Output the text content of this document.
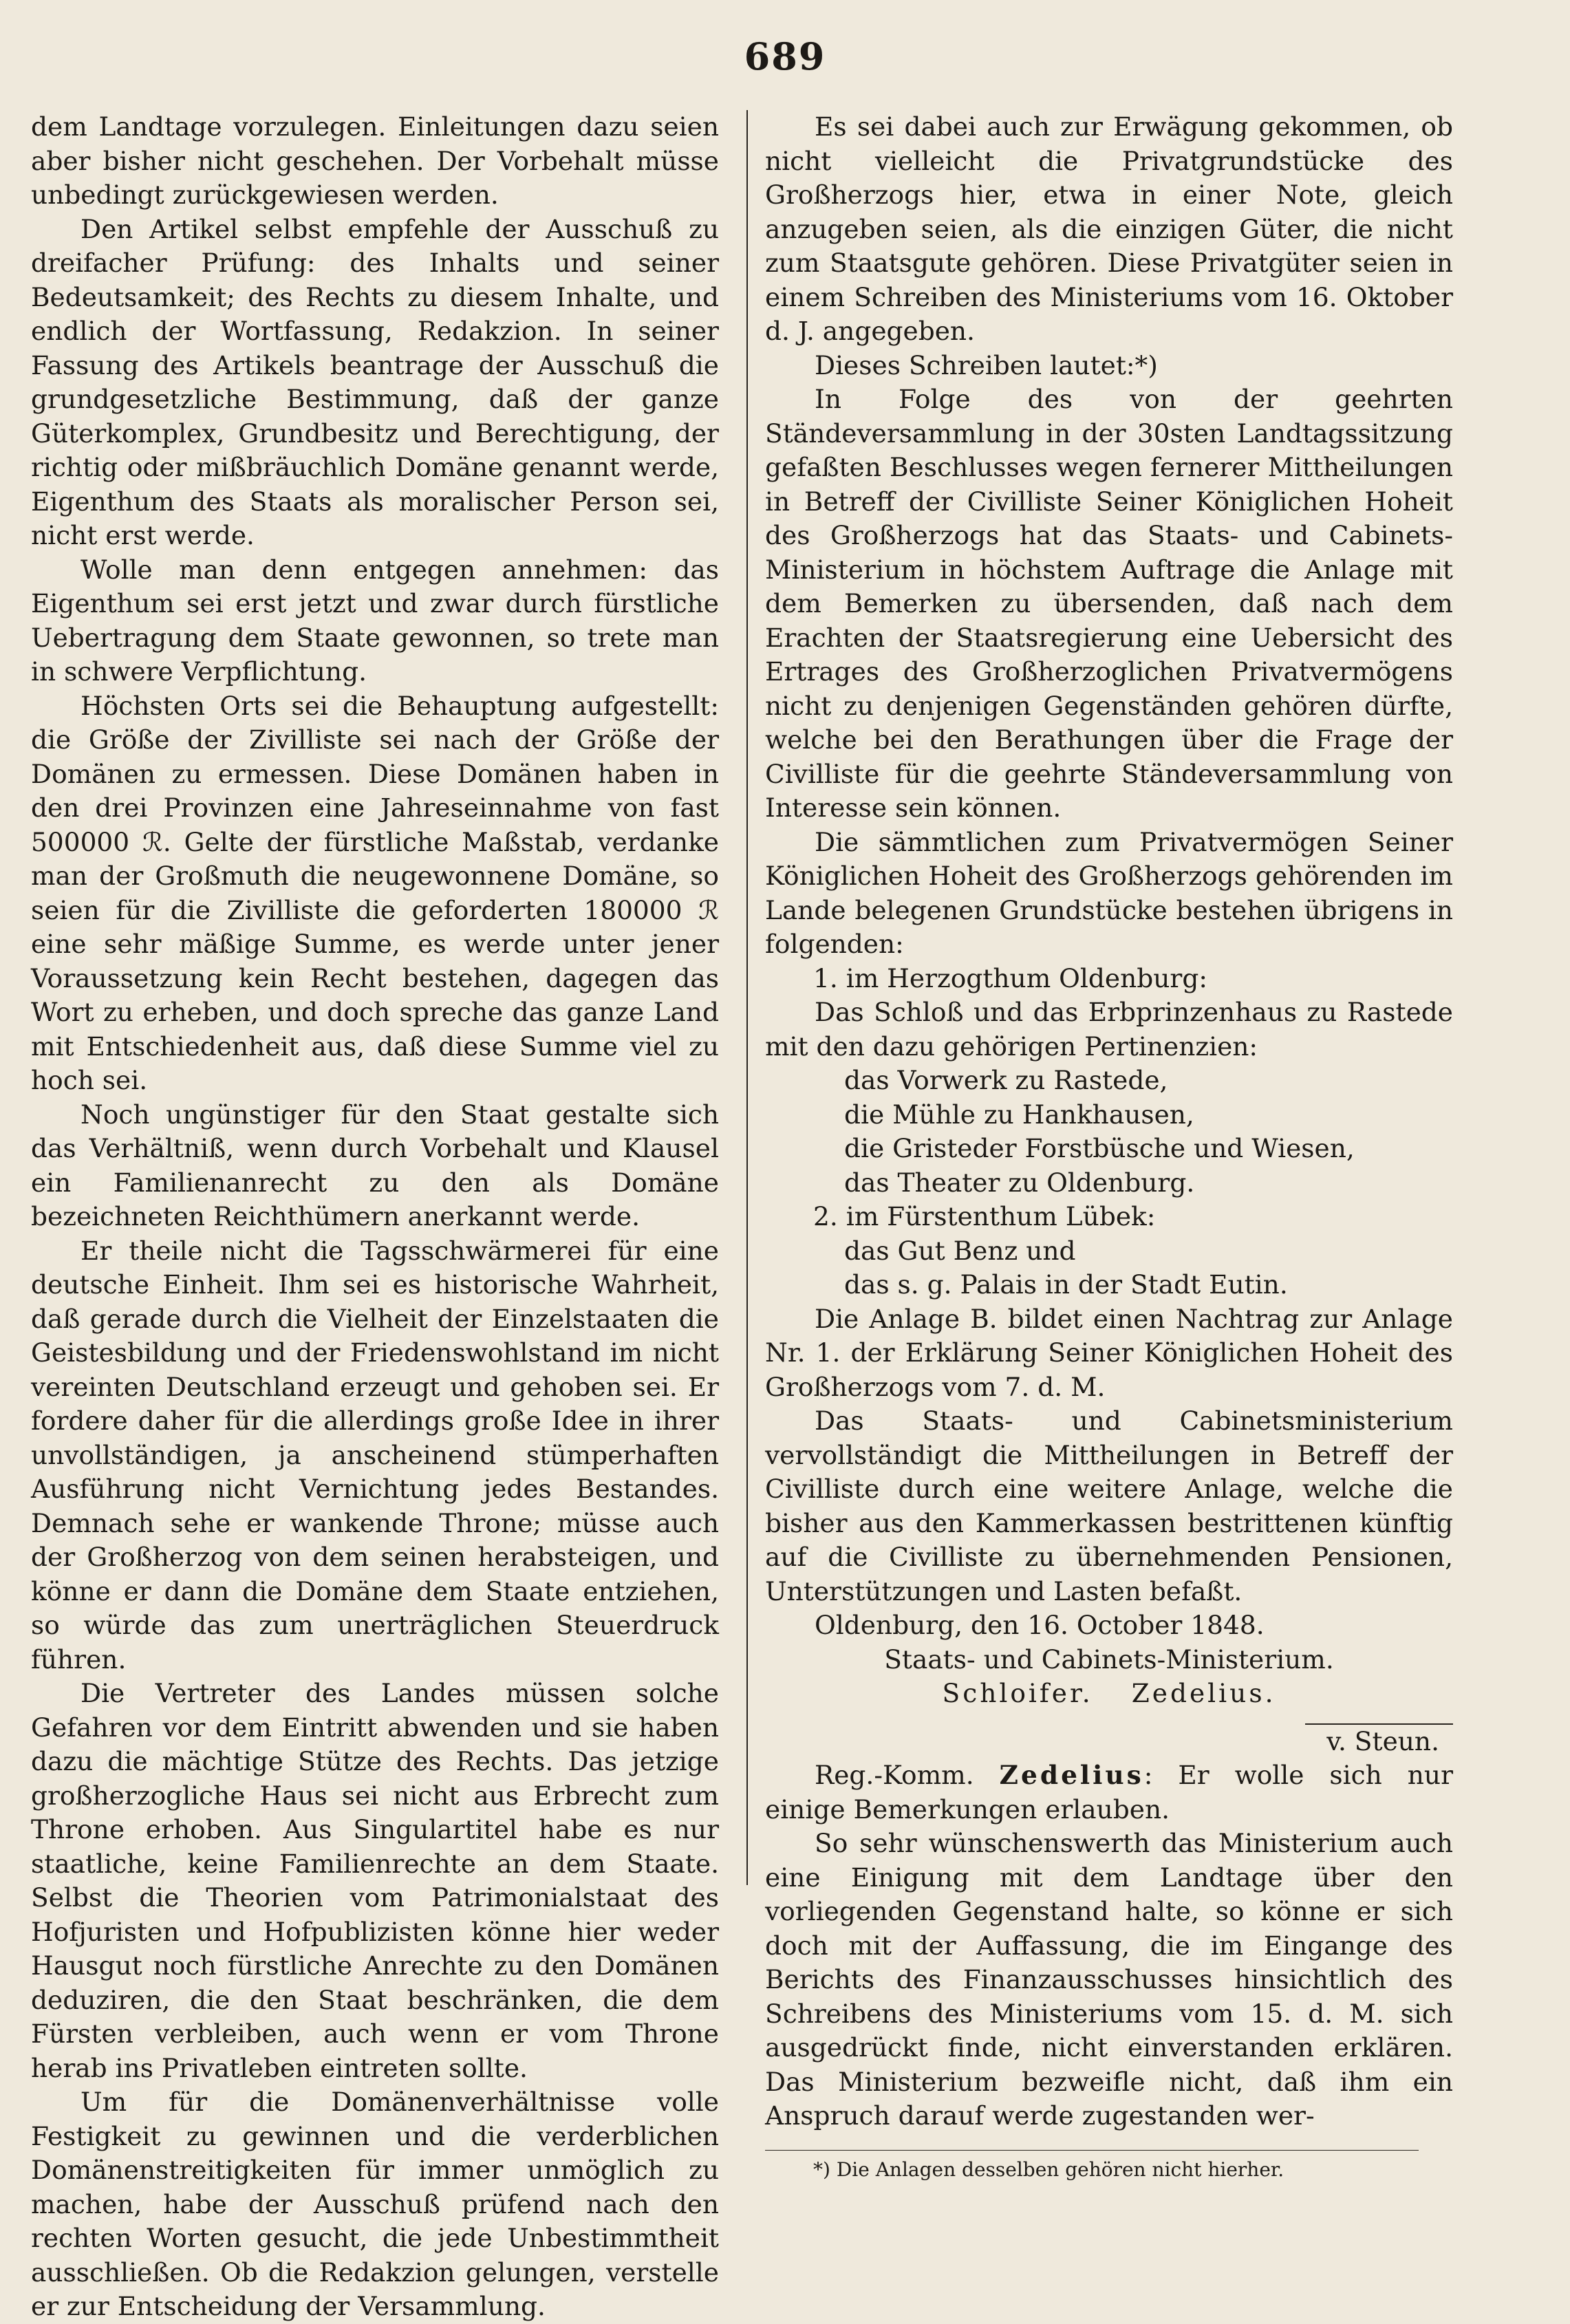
689

dem Landtage vorzulegen. Einleitungen dazu seien aber bisher nicht geschehen. Der Vorbehalt müsse unbedingt zurückgewiesen werden.

Den Artikel selbst empfehle der Ausschuß zu dreifacher Prüfung: des Inhalts und seiner Bedeutsamkeit; des Rechts zu diesem Inhalte, und endlich der Wortfassung, Redakzion. In seiner Fassung des Artikels beantrage der Ausschuß die grundgesetzliche Bestimmung, daß der ganze Güterkomplex, Grundbesitz und Berechtigung, der richtig oder mißbräuchlich Domäne genannt werde, Eigenthum des Staats als moralischer Person sei, nicht erst werde.

Wolle man denn entgegen annehmen: das Eigenthum sei erst jetzt und zwar durch fürstliche Uebertragung dem Staate gewonnen, so trete man in schwere Verpflichtung.

Höchsten Orts sei die Behauptung aufgestellt: die Größe der Zivilliste sei nach der Größe der Domänen zu ermessen. Diese Domänen haben in den drei Provinzen eine Jahreseinnahme von fast 500000 ℛ. Gelte der fürstliche Maßstab, verdanke man der Großmuth die neugewonnene Domäne, so seien für die Zivilliste die geforderten 180000 ℛ eine sehr mäßige Summe, es werde unter jener Voraussetzung kein Recht bestehen, dagegen das Wort zu erheben, und doch spreche das ganze Land mit Entschiedenheit aus, daß diese Summe viel zu hoch sei.

Noch ungünstiger für den Staat gestalte sich das Verhältniß, wenn durch Vorbehalt und Klausel ein Familienanrecht zu den als Domäne bezeichneten Reichthümern anerkannt werde.

Er theile nicht die Tagsschwärmerei für eine deutsche Einheit. Ihm sei es historische Wahrheit, daß gerade durch die Vielheit der Einzelstaaten die Geistesbildung und der Friedenswohlstand im nicht vereinten Deutschland erzeugt und gehoben sei. Er fordere daher für die allerdings große Idee in ihrer unvollständigen, ja anscheinend stümperhaften Ausführung nicht Vernichtung jedes Bestandes. Demnach sehe er wankende Throne; müsse auch der Großherzog von dem seinen herabsteigen, und könne er dann die Domäne dem Staate entziehen, so würde das zum unerträglichen Steuerdruck führen.

Die Vertreter des Landes müssen solche Gefahren vor dem Eintritt abwenden und sie haben dazu die mächtige Stütze des Rechts. Das jetzige großherzogliche Haus sei nicht aus Erbrecht zum Throne erhoben. Aus Singulartitel habe es nur staatliche, keine Familienrechte an dem Staate. Selbst die Theorien vom Patrimonialstaat des Hofjuristen und Hofpublizisten könne hier weder Hausgut noch fürstliche Anrechte zu den Domänen deduziren, die den Staat beschränken, die dem Fürsten verbleiben, auch wenn er vom Throne herab ins Privatleben eintreten sollte.

Um für die Domänenverhältnisse volle Festigkeit zu gewinnen und die verderblichen Domänenstreitigkeiten für immer unmöglich zu machen, habe der Ausschuß prüfend nach den rechten Worten gesucht, die jede Unbestimmtheit ausschließen. Ob die Redakzion gelungen, verstelle er zur Entscheidung der Versammlung.

Es sei dabei auch zur Erwägung gekommen, ob nicht vielleicht die Privatgrundstücke des Großherzogs hier, etwa in einer Note, gleich anzugeben seien, als die einzigen Güter, die nicht zum Staatsgute gehören. Diese Privatgüter seien in einem Schreiben des Ministeriums vom 16. Oktober d. J. angegeben.

Dieses Schreiben lautet:*)

In Folge des von der geehrten Ständeversammlung in der 30sten Landtagssitzung gefaßten Beschlusses wegen fernerer Mittheilungen in Betreff der Civilliste Seiner Königlichen Hoheit des Großherzogs hat das Staats- und Cabinets-Ministerium in höchstem Auftrage die Anlage mit dem Bemerken zu übersenden, daß nach dem Erachten der Staatsregierung eine Uebersicht des Ertrages des Großherzoglichen Privatvermögens nicht zu denjenigen Gegenständen gehören dürfte, welche bei den Berathungen über die Frage der Civilliste für die geehrte Ständeversammlung von Interesse sein können.

Die sämmtlichen zum Privatvermögen Seiner Königlichen Hoheit des Großherzogs gehörenden im Lande belegenen Grundstücke bestehen übrigens in folgenden:

1. im Herzogthum Oldenburg:

Das Schloß und das Erbprinzenhaus zu Rastede mit den dazu gehörigen Pertinenzien:

das Vorwerk zu Rastede,

die Mühle zu Hankhausen,

die Gristeder Forstbüsche und Wiesen,

das Theater zu Oldenburg.

2. im Fürstenthum Lübek:

das Gut Benz und

das s. g. Palais in der Stadt Eutin.

Die Anlage B. bildet einen Nachtrag zur Anlage Nr. 1. der Erklärung Seiner Königlichen Hoheit des Großherzogs vom 7. d. M.

Das Staats- und Cabinetsministerium vervollständigt die Mittheilungen in Betreff der Civilliste durch eine weitere Anlage, welche die bisher aus den Kammerkassen bestrittenen künftig auf die Civilliste zu übernehmenden Pensionen, Unterstützungen und Lasten befaßt.

Oldenburg, den 16. October 1848.

Staats- und Cabinets-Ministerium.

Schloifer. Zedelius.

v. Steun.

Reg.-Komm. Zedelius: Er wolle sich nur einige Bemerkungen erlauben.

So sehr wünschenswerth das Ministerium auch eine Einigung mit dem Landtage über den vorliegenden Gegenstand halte, so könne er sich doch mit der Auffassung, die im Eingange des Berichts des Finanzausschusses hinsichtlich des Schreibens des Ministeriums vom 15. d. M. sich ausgedrückt finde, nicht einverstanden erklären. Das Ministerium bezweifle nicht, daß ihm ein Anspruch darauf werde zugestanden wer-

*) Die Anlagen desselben gehören nicht hierher.
